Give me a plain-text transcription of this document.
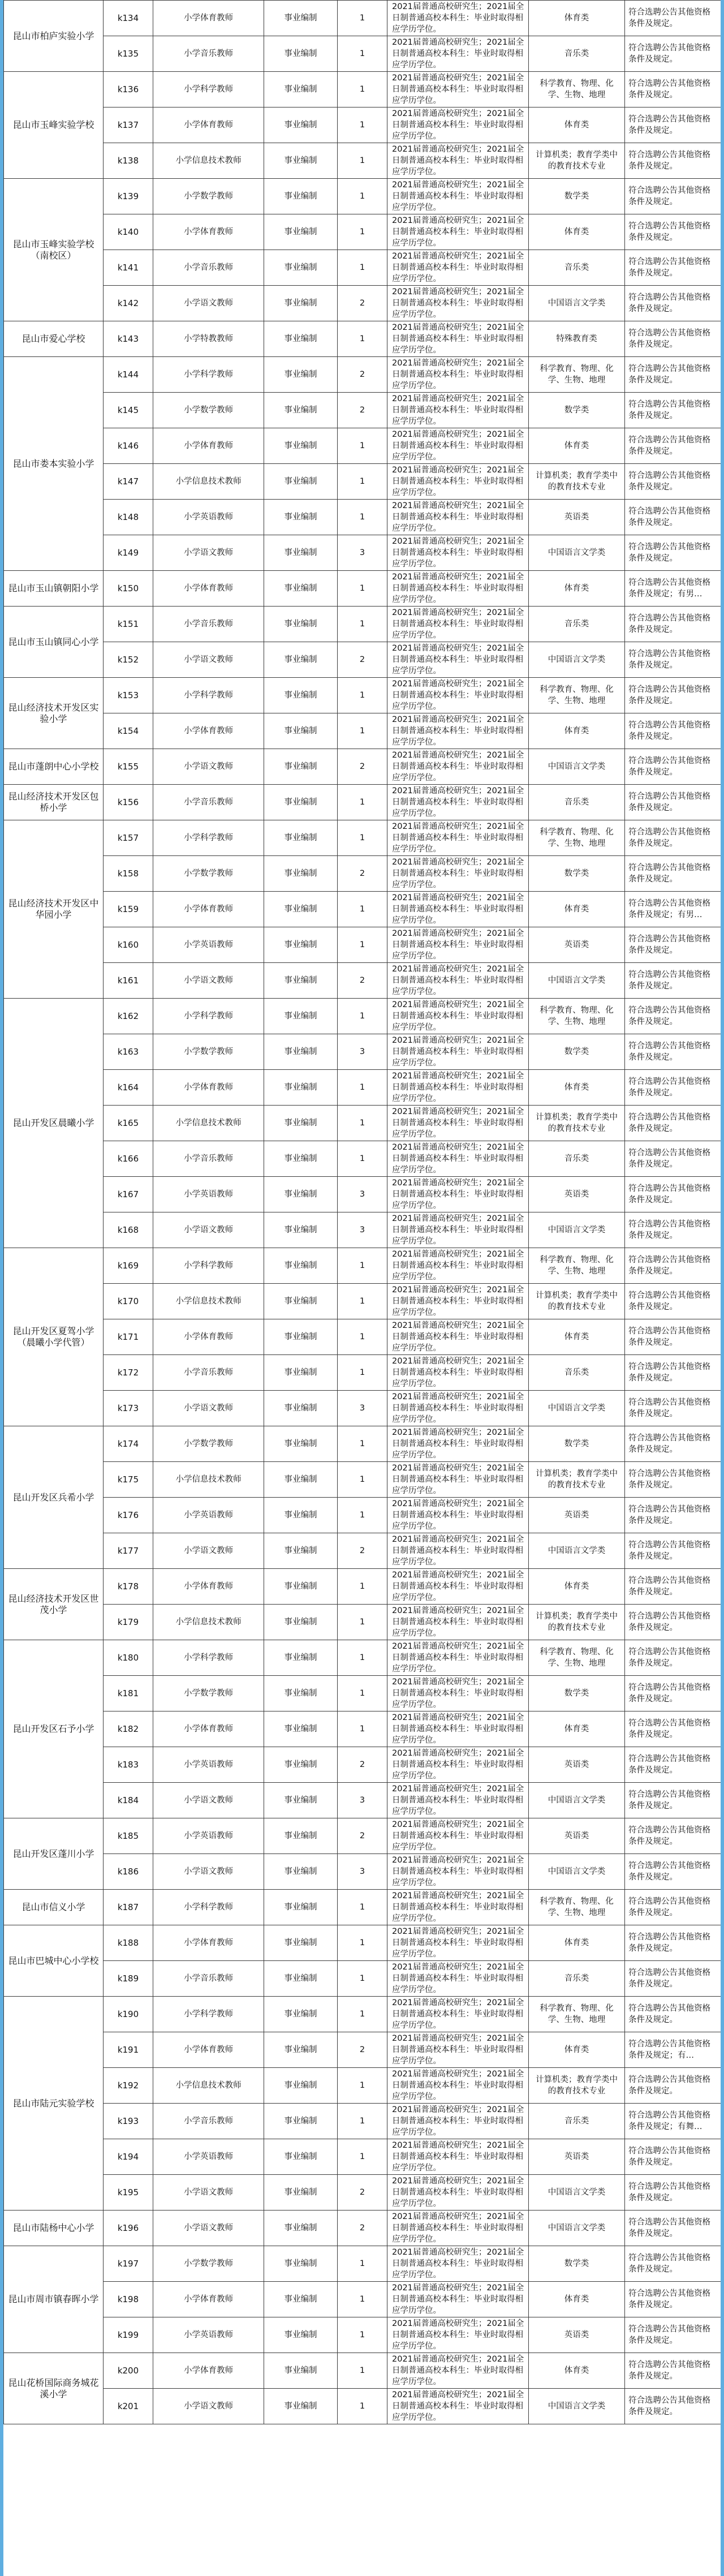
昆山市柏庐实验小学	k134	小学体育教师	事业编制	1	2021届普通高校研究生；2021届全日制普通高校本科生：毕业时取得相应学历学位。	体育类	符合选聘公告其他资格条件及规定。
	k135	小学音乐教师	事业编制	1	2021届普通高校研究生；2021届全日制普通高校本科生：毕业时取得相应学历学位。	音乐类	符合选聘公告其他资格条件及规定。
昆山市玉峰实验学校	k136	小学科学教师	事业编制	1	2021届普通高校研究生；2021届全日制普通高校本科生：毕业时取得相应学历学位。	科学教育、物理、化学、生物、地理	符合选聘公告其他资格条件及规定。
	k137	小学体育教师	事业编制	1	2021届普通高校研究生；2021届全日制普通高校本科生：毕业时取得相应学历学位。	体育类	符合选聘公告其他资格条件及规定。
	k138	小学信息技术教师	事业编制	1	2021届普通高校研究生；2021届全日制普通高校本科生：毕业时取得相应学历学位。	计算机类；教育学类中的教育技术专业	符合选聘公告其他资格条件及规定。
昆山市玉峰实验学校（南校区）	k139	小学数学教师	事业编制	1	2021届普通高校研究生；2021届全日制普通高校本科生：毕业时取得相应学历学位。	数学类	符合选聘公告其他资格条件及规定。
	k140	小学体育教师	事业编制	1	2021届普通高校研究生；2021届全日制普通高校本科生：毕业时取得相应学历学位。	体育类	符合选聘公告其他资格条件及规定。
	k141	小学音乐教师	事业编制	1	2021届普通高校研究生；2021届全日制普通高校本科生：毕业时取得相应学历学位。	音乐类	符合选聘公告其他资格条件及规定。
	k142	小学语文教师	事业编制	2	2021届普通高校研究生；2021届全日制普通高校本科生：毕业时取得相应学历学位。	中国语言文学类	符合选聘公告其他资格条件及规定。
昆山市爱心学校	k143	小学特教教师	事业编制	1	2021届普通高校研究生；2021届全日制普通高校本科生：毕业时取得相应学历学位。	特殊教育类	符合选聘公告其他资格条件及规定。
昆山市娄本实验小学	k144	小学科学教师	事业编制	2	2021届普通高校研究生；2021届全日制普通高校本科生：毕业时取得相应学历学位。	科学教育、物理、化学、生物、地理	符合选聘公告其他资格条件及规定。
	k145	小学数学教师	事业编制	2	2021届普通高校研究生；2021届全日制普通高校本科生：毕业时取得相应学历学位。	数学类	符合选聘公告其他资格条件及规定。
	k146	小学体育教师	事业编制	1	2021届普通高校研究生；2021届全日制普通高校本科生：毕业时取得相应学历学位。	体育类	符合选聘公告其他资格条件及规定。
	k147	小学信息技术教师	事业编制	1	2021届普通高校研究生；2021届全日制普通高校本科生：毕业时取得相应学历学位。	计算机类；教育学类中的教育技术专业	符合选聘公告其他资格条件及规定。
	k148	小学英语教师	事业编制	1	2021届普通高校研究生；2021届全日制普通高校本科生：毕业时取得相应学历学位。	英语类	符合选聘公告其他资格条件及规定。
	k149	小学语文教师	事业编制	3	2021届普通高校研究生；2021届全日制普通高校本科生：毕业时取得相应学历学位。	中国语言文学类	符合选聘公告其他资格条件及规定。
昆山市玉山镇朝阳小学	k150	小学体育教师	事业编制	1	2021届普通高校研究生；2021届全日制普通高校本科生：毕业时取得相应学历学位。	体育类	符合选聘公告其他资格条件及规定；有男…
昆山市玉山镇同心小学	k151	小学音乐教师	事业编制	1	2021届普通高校研究生；2021届全日制普通高校本科生：毕业时取得相应学历学位。	音乐类	符合选聘公告其他资格条件及规定。
	k152	小学语文教师	事业编制	2	2021届普通高校研究生；2021届全日制普通高校本科生：毕业时取得相应学历学位。	中国语言文学类	符合选聘公告其他资格条件及规定。
昆山经济技术开发区实验小学	k153	小学科学教师	事业编制	1	2021届普通高校研究生；2021届全日制普通高校本科生：毕业时取得相应学历学位。	科学教育、物理、化学、生物、地理	符合选聘公告其他资格条件及规定。
	k154	小学体育教师	事业编制	1	2021届普通高校研究生；2021届全日制普通高校本科生：毕业时取得相应学历学位。	体育类	符合选聘公告其他资格条件及规定。
昆山市蓬朗中心小学校	k155	小学语文教师	事业编制	2	2021届普通高校研究生；2021届全日制普通高校本科生：毕业时取得相应学历学位。	中国语言文学类	符合选聘公告其他资格条件及规定。
昆山经济技术开发区包桥小学	k156	小学音乐教师	事业编制	1	2021届普通高校研究生；2021届全日制普通高校本科生：毕业时取得相应学历学位。	音乐类	符合选聘公告其他资格条件及规定。
昆山经济技术开发区中华园小学	k157	小学科学教师	事业编制	1	2021届普通高校研究生；2021届全日制普通高校本科生：毕业时取得相应学历学位。	科学教育、物理、化学、生物、地理	符合选聘公告其他资格条件及规定。
	k158	小学数学教师	事业编制	2	2021届普通高校研究生；2021届全日制普通高校本科生：毕业时取得相应学历学位。	数学类	符合选聘公告其他资格条件及规定。
	k159	小学体育教师	事业编制	1	2021届普通高校研究生；2021届全日制普通高校本科生：毕业时取得相应学历学位。	体育类	符合选聘公告其他资格条件及规定；有男…
	k160	小学英语教师	事业编制	1	2021届普通高校研究生；2021届全日制普通高校本科生：毕业时取得相应学历学位。	英语类	符合选聘公告其他资格条件及规定。
	k161	小学语文教师	事业编制	2	2021届普通高校研究生；2021届全日制普通高校本科生：毕业时取得相应学历学位。	中国语言文学类	符合选聘公告其他资格条件及规定。
昆山开发区晨曦小学	k162	小学科学教师	事业编制	1	2021届普通高校研究生；2021届全日制普通高校本科生：毕业时取得相应学历学位。	科学教育、物理、化学、生物、地理	符合选聘公告其他资格条件及规定。
	k163	小学数学教师	事业编制	3	2021届普通高校研究生；2021届全日制普通高校本科生：毕业时取得相应学历学位。	数学类	符合选聘公告其他资格条件及规定。
	k164	小学体育教师	事业编制	1	2021届普通高校研究生；2021届全日制普通高校本科生：毕业时取得相应学历学位。	体育类	符合选聘公告其他资格条件及规定。
	k165	小学信息技术教师	事业编制	1	2021届普通高校研究生；2021届全日制普通高校本科生：毕业时取得相应学历学位。	计算机类；教育学类中的教育技术专业	符合选聘公告其他资格条件及规定。
	k166	小学音乐教师	事业编制	1	2021届普通高校研究生；2021届全日制普通高校本科生：毕业时取得相应学历学位。	音乐类	符合选聘公告其他资格条件及规定。
	k167	小学英语教师	事业编制	3	2021届普通高校研究生；2021届全日制普通高校本科生：毕业时取得相应学历学位。	英语类	符合选聘公告其他资格条件及规定。
	k168	小学语文教师	事业编制	3	2021届普通高校研究生；2021届全日制普通高校本科生：毕业时取得相应学历学位。	中国语言文学类	符合选聘公告其他资格条件及规定。
昆山开发区夏驾小学（晨曦小学代管）	k169	小学科学教师	事业编制	1	2021届普通高校研究生；2021届全日制普通高校本科生：毕业时取得相应学历学位。	科学教育、物理、化学、生物、地理	符合选聘公告其他资格条件及规定。
	k170	小学信息技术教师	事业编制	1	2021届普通高校研究生；2021届全日制普通高校本科生：毕业时取得相应学历学位。	计算机类；教育学类中的教育技术专业	符合选聘公告其他资格条件及规定。
	k171	小学体育教师	事业编制	1	2021届普通高校研究生；2021届全日制普通高校本科生：毕业时取得相应学历学位。	体育类	符合选聘公告其他资格条件及规定。
	k172	小学音乐教师	事业编制	1	2021届普通高校研究生；2021届全日制普通高校本科生：毕业时取得相应学历学位。	音乐类	符合选聘公告其他资格条件及规定。
	k173	小学语文教师	事业编制	3	2021届普通高校研究生；2021届全日制普通高校本科生：毕业时取得相应学历学位。	中国语言文学类	符合选聘公告其他资格条件及规定。
昆山开发区兵希小学	k174	小学数学教师	事业编制	1	2021届普通高校研究生；2021届全日制普通高校本科生：毕业时取得相应学历学位。	数学类	符合选聘公告其他资格条件及规定。
	k175	小学信息技术教师	事业编制	1	2021届普通高校研究生；2021届全日制普通高校本科生：毕业时取得相应学历学位。	计算机类；教育学类中的教育技术专业	符合选聘公告其他资格条件及规定。
	k176	小学英语教师	事业编制	1	2021届普通高校研究生；2021届全日制普通高校本科生：毕业时取得相应学历学位。	英语类	符合选聘公告其他资格条件及规定。
	k177	小学语文教师	事业编制	2	2021届普通高校研究生；2021届全日制普通高校本科生：毕业时取得相应学历学位。	中国语言文学类	符合选聘公告其他资格条件及规定。
昆山经济技术开发区世茂小学	k178	小学体育教师	事业编制	1	2021届普通高校研究生；2021届全日制普通高校本科生：毕业时取得相应学历学位。	体育类	符合选聘公告其他资格条件及规定。
	k179	小学信息技术教师	事业编制	1	2021届普通高校研究生；2021届全日制普通高校本科生：毕业时取得相应学历学位。	计算机类；教育学类中的教育技术专业	符合选聘公告其他资格条件及规定。
昆山开发区石予小学	k180	小学科学教师	事业编制	1	2021届普通高校研究生；2021届全日制普通高校本科生：毕业时取得相应学历学位。	科学教育、物理、化学、生物、地理	符合选聘公告其他资格条件及规定。
	k181	小学数学教师	事业编制	1	2021届普通高校研究生；2021届全日制普通高校本科生：毕业时取得相应学历学位。	数学类	符合选聘公告其他资格条件及规定。
	k182	小学体育教师	事业编制	1	2021届普通高校研究生；2021届全日制普通高校本科生：毕业时取得相应学历学位。	体育类	符合选聘公告其他资格条件及规定。
	k183	小学英语教师	事业编制	2	2021届普通高校研究生；2021届全日制普通高校本科生：毕业时取得相应学历学位。	英语类	符合选聘公告其他资格条件及规定。
	k184	小学语文教师	事业编制	3	2021届普通高校研究生；2021届全日制普通高校本科生：毕业时取得相应学历学位。	中国语言文学类	符合选聘公告其他资格条件及规定。
昆山开发区蓬川小学	k185	小学英语教师	事业编制	2	2021届普通高校研究生；2021届全日制普通高校本科生：毕业时取得相应学历学位。	英语类	符合选聘公告其他资格条件及规定。
	k186	小学语文教师	事业编制	3	2021届普通高校研究生；2021届全日制普通高校本科生：毕业时取得相应学历学位。	中国语言文学类	符合选聘公告其他资格条件及规定。
昆山市信义小学	k187	小学科学教师	事业编制	1	2021届普通高校研究生；2021届全日制普通高校本科生：毕业时取得相应学历学位。	科学教育、物理、化学、生物、地理	符合选聘公告其他资格条件及规定。
昆山市巴城中心小学校	k188	小学体育教师	事业编制	1	2021届普通高校研究生；2021届全日制普通高校本科生：毕业时取得相应学历学位。	体育类	符合选聘公告其他资格条件及规定。
	k189	小学音乐教师	事业编制	1	2021届普通高校研究生；2021届全日制普通高校本科生：毕业时取得相应学历学位。	音乐类	符合选聘公告其他资格条件及规定。
昆山市陆元实验学校	k190	小学科学教师	事业编制	1	2021届普通高校研究生；2021届全日制普通高校本科生：毕业时取得相应学历学位。	科学教育、物理、化学、生物、地理	符合选聘公告其他资格条件及规定。
	k191	小学体育教师	事业编制	2	2021届普通高校研究生；2021届全日制普通高校本科生：毕业时取得相应学历学位。	体育类	符合选聘公告其他资格条件及规定；有…
	k192	小学信息技术教师	事业编制	1	2021届普通高校研究生；2021届全日制普通高校本科生：毕业时取得相应学历学位。	计算机类；教育学类中的教育技术专业	符合选聘公告其他资格条件及规定。
	k193	小学音乐教师	事业编制	1	2021届普通高校研究生；2021届全日制普通高校本科生：毕业时取得相应学历学位。	音乐类	符合选聘公告其他资格条件及规定；有舞…
	k194	小学英语教师	事业编制	1	2021届普通高校研究生；2021届全日制普通高校本科生：毕业时取得相应学历学位。	英语类	符合选聘公告其他资格条件及规定。
	k195	小学语文教师	事业编制	2	2021届普通高校研究生；2021届全日制普通高校本科生：毕业时取得相应学历学位。	中国语言文学类	符合选聘公告其他资格条件及规定。
昆山市陆杨中心小学	k196	小学语文教师	事业编制	2	2021届普通高校研究生；2021届全日制普通高校本科生：毕业时取得相应学历学位。	中国语言文学类	符合选聘公告其他资格条件及规定。
昆山市周市镇春晖小学	k197	小学数学教师	事业编制	1	2021届普通高校研究生；2021届全日制普通高校本科生：毕业时取得相应学历学位。	数学类	符合选聘公告其他资格条件及规定。
	k198	小学体育教师	事业编制	1	2021届普通高校研究生；2021届全日制普通高校本科生：毕业时取得相应学历学位。	体育类	符合选聘公告其他资格条件及规定。
	k199	小学英语教师	事业编制	1	2021届普通高校研究生；2021届全日制普通高校本科生：毕业时取得相应学历学位。	英语类	符合选聘公告其他资格条件及规定。
昆山花桥国际商务城花溪小学	k200	小学体育教师	事业编制	1	2021届普通高校研究生；2021届全日制普通高校本科生：毕业时取得相应学历学位。	体育类	符合选聘公告其他资格条件及规定。
	k201	小学语文教师	事业编制	1	2021届普通高校研究生；2021届全日制普通高校本科生：毕业时取得相应学历学位。	中国语言文学类	符合选聘公告其他资格条件及规定。
